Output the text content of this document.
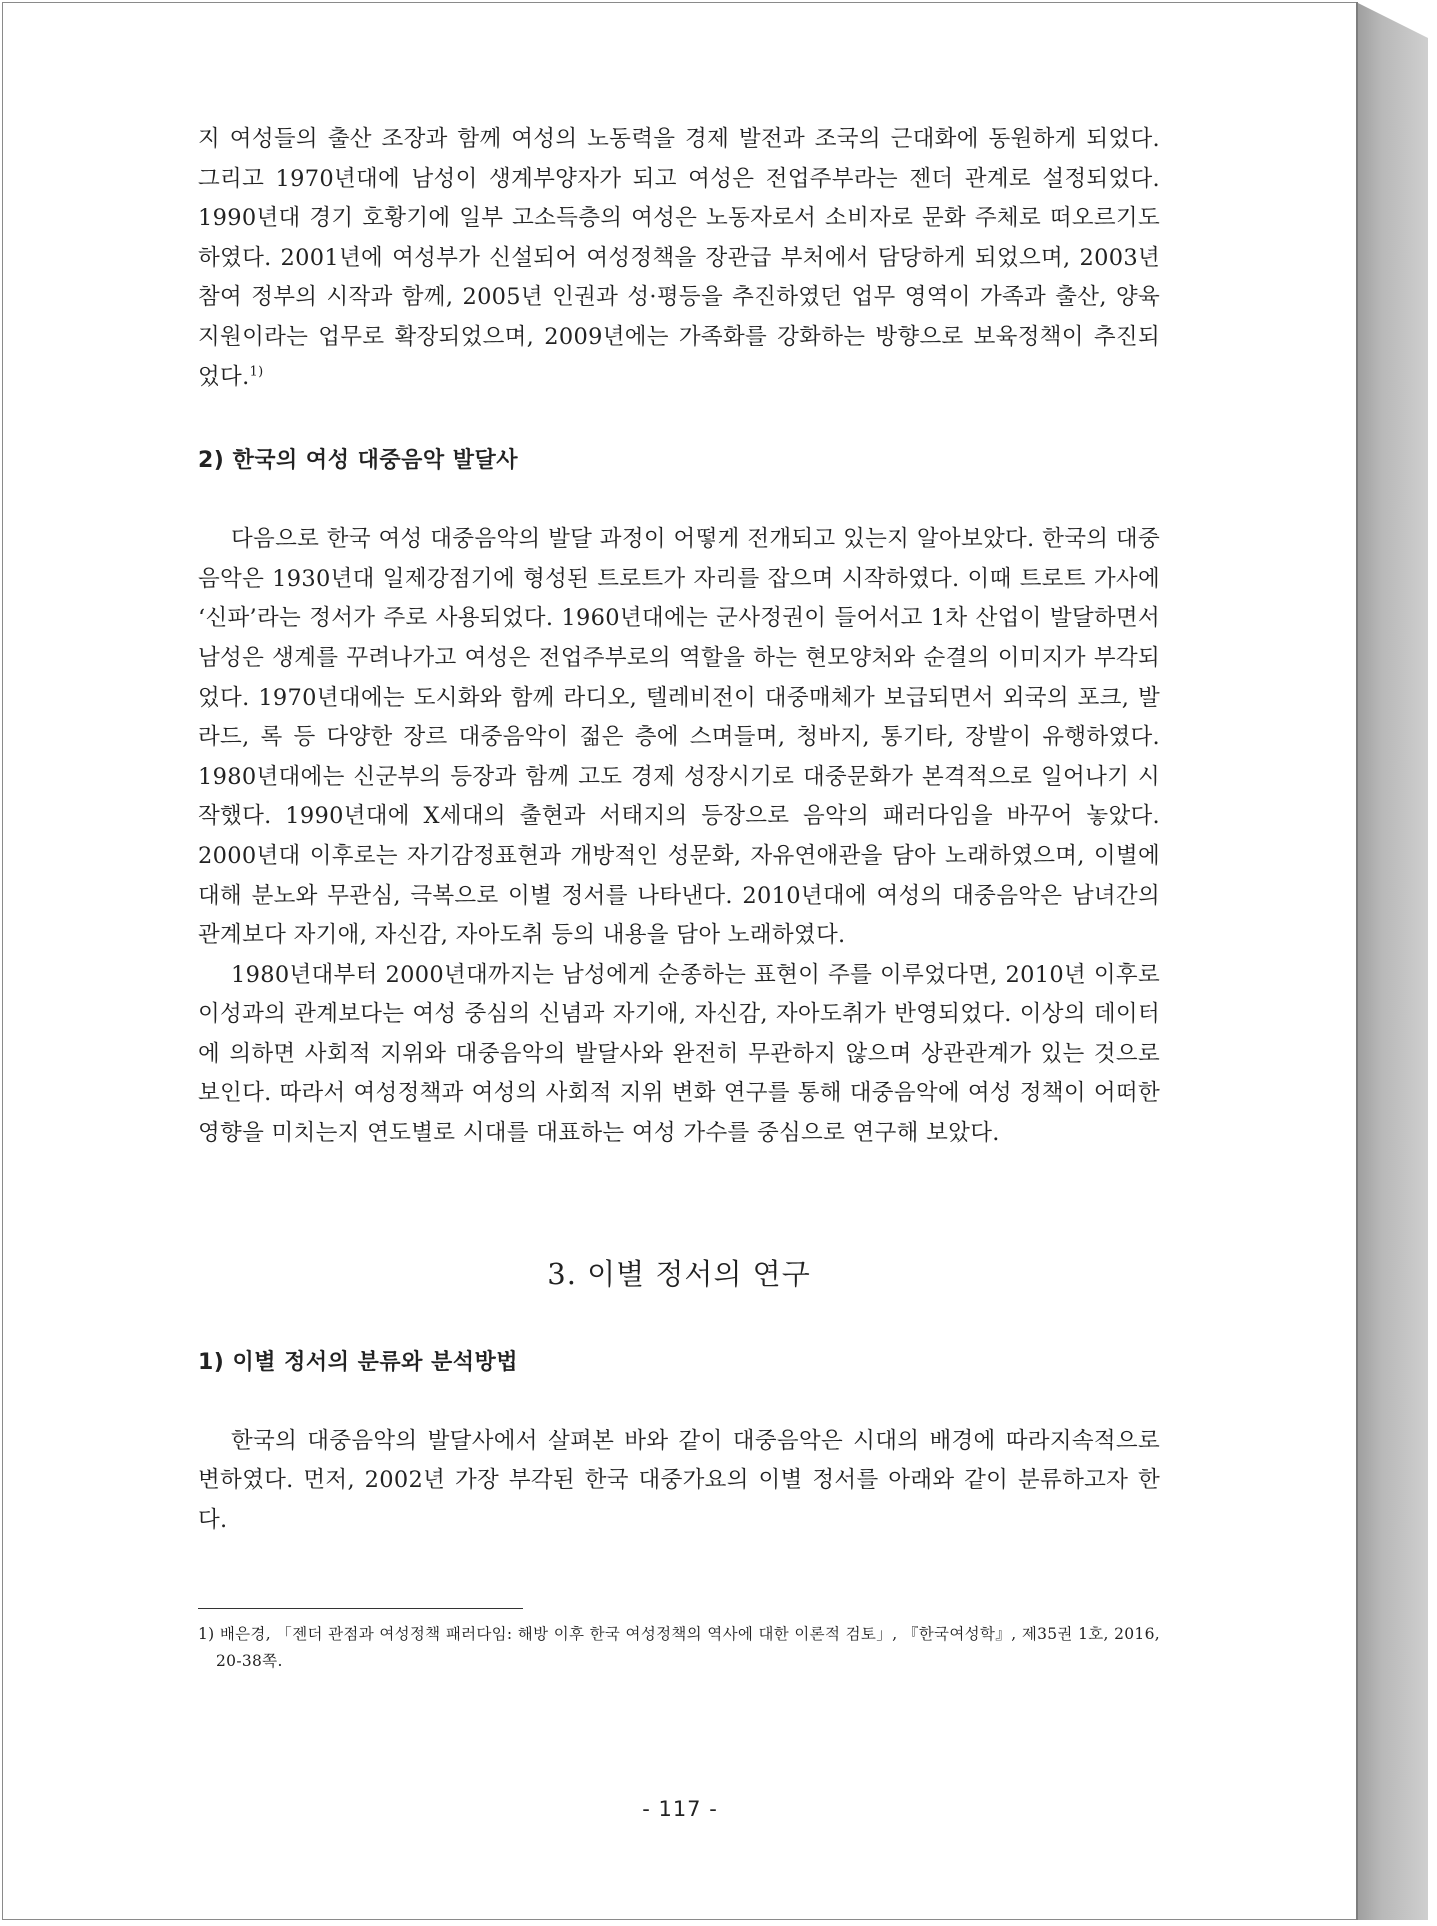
지 여성들의 출산 조장과 함께 여성의 노동력을 경제 발전과 조국의 근대화에 동원하게 되었다. 그리고 1970년대에 남성이 생계부양자가 되고 여성은 전업주부라는 젠더 관계로 설정되었다. 1990년대 경기 호황기에 일부 고소득층의 여성은 노동자로서 소비자로 문화 주체로 떠오르기도 하였다. 2001년에 여성부가 신설되어 여성정책을 장관급 부처에서 담당하게 되었으며, 2003년 참여 정부의 시작과 함께, 2005년 인권과 성·평등을 추진하였던 업무 영역이 가족과 출산, 양육지원이라는 업무로 확장되었으며, 2009년에는 가족화를 강화하는 방향으로 보육정책이 추진되었다.$^{1)}$

2) 한국의 여성 대중음악 발달사

다음으로 한국 여성 대중음악의 발달 과정이 어떻게 전개되고 있는지 알아보았다. 한국의 대중음악은 1930년대 일제강점기에 형성된 트로트가 자리를 잡으며 시작하였다. 이때 트로트 가사에 ‘신파’라는 정서가 주로 사용되었다. 1960년대에는 군사정권이 들어서고 1차 산업이 발달하면서 남성은 생계를 꾸려나가고 여성은 전업주부로의 역할을 하는 현모양처와 순결의 이미지가 부각되었다. 1970년대에는 도시화와 함께 라디오, 텔레비전이 대중매체가 보급되면서 외국의 포크, 발라드, 록 등 다양한 장르 대중음악이 젊은 층에 스며들며, 청바지, 통기타, 장발이 유행하였다. 1980년대에는 신군부의 등장과 함께 고도 경제 성장시기로 대중문화가 본격적으로 일어나기 시작했다. 1990년대에 X세대의 출현과 서태지의 등장으로 음악의 패러다임을 바꾸어 놓았다. 2000년대 이후로는 자기감정표현과 개방적인 성문화, 자유연애관을 담아 노래하였으며, 이별에 대해 분노와 무관심, 극복으로 이별 정서를 나타낸다. 2010년대에 여성의 대중음악은 남녀간의 관계보다 자기애, 자신감, 자아도취 등의 내용을 담아 노래하였다.

1980년대부터 2000년대까지는 남성에게 순종하는 표현이 주를 이루었다면, 2010년 이후로 이성과의 관계보다는 여성 중심의 신념과 자기애, 자신감, 자아도취가 반영되었다. 이상의 데이터에 의하면 사회적 지위와 대중음악의 발달사와 완전히 무관하지 않으며 상관관계가 있는 것으로 보인다. 따라서 여성정책과 여성의 사회적 지위 변화 연구를 통해 대중음악에 여성 정책이 어떠한 영향을 미치는지 연도별로 시대를 대표하는 여성 가수를 중심으로 연구해 보았다.

3. 이별 정서의 연구
1) 이별 정서의 분류와 분석방법

한국의 대중음악의 발달사에서 살펴본 바와 같이 대중음악은 시대의 배경에 따라지속적으로 변하였다. 먼저, 2002년 가장 부각된 한국 대중가요의 이별 정서를 아래와 같이 분류하고자 한다.

1) 배은경, 「젠더 관점과 여성정책 패러다임: 해방 이후 한국 여성정책의 역사에 대한 이론적 검토」, 『한국여성학』, 제35권 1호, 2016, 20-38쪽.

- 117 -
